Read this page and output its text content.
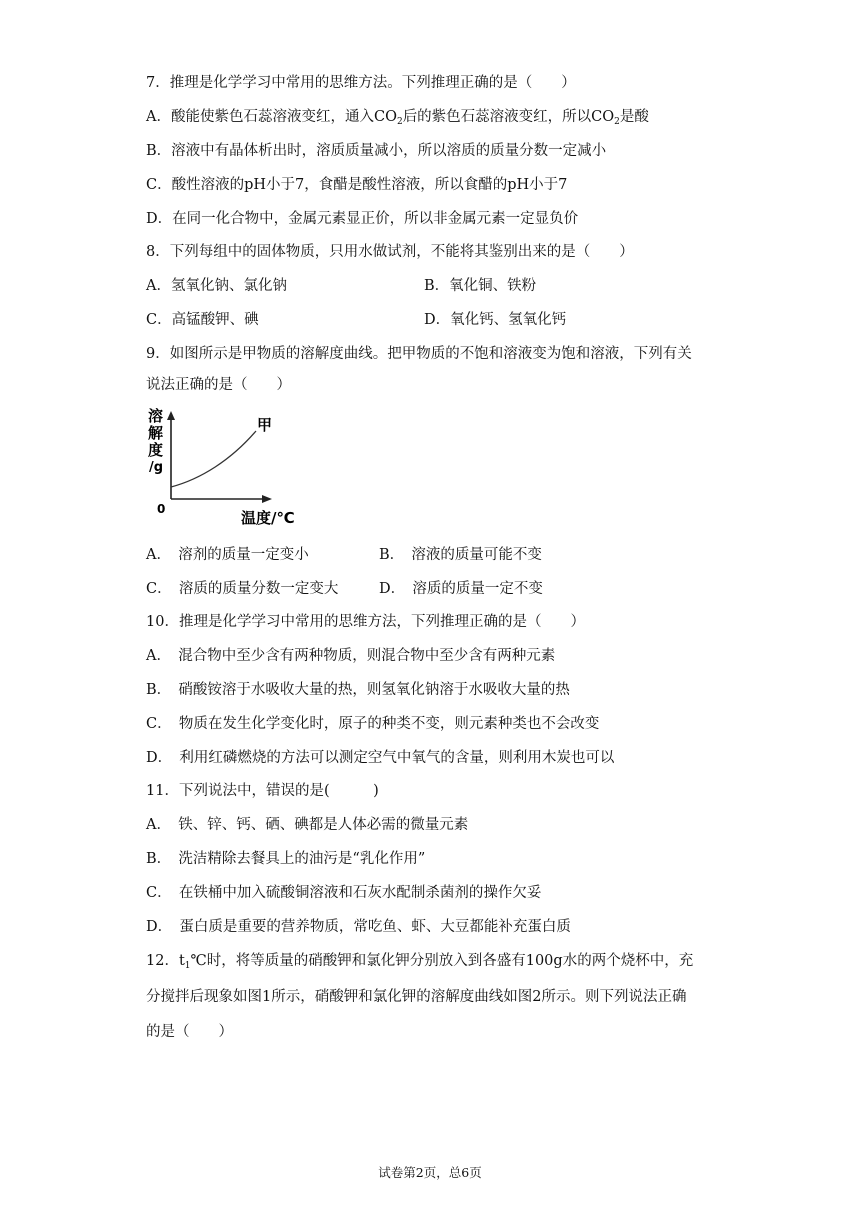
7．推理是化学学习中常用的思维方法。下列推理正确的是（　　）
A．酸能使紫色石蕊溶液变红，通入$CO_2$后的紫色石蕊溶液变红，所以$CO_2$是酸
B．溶液中有晶体析出时，溶质质量减小，所以溶质的质量分数一定减小
C．酸性溶液的pH小于7，食醋是酸性溶液，所以食醋的pH小于7
D．在同一化合物中，金属元素显正价，所以非金属元素一定显负价
8．下列每组中的固体物质，只用水做试剂，不能将其鉴别出来的是（　　）
A．氢氧化钠、氯化钠	B．氧化铜、铁粉
C．高锰酸钾、碘	D．氧化钙、氢氧化钙
9．如图所示是甲物质的溶解度曲线。把甲物质的不饱和溶液变为饱和溶液，下列有关
说法正确的是（　　）
溶
解
度
/g
0	温度/℃
甲
A．　溶剂的质量一定变小	B．　溶液的质量可能不变
C．　溶质的质量分数一定变大	D．　溶质的质量一定不变
10．推理是化学学习中常用的思维方法，下列推理正确的是（　　）
A．　混合物中至少含有两种物质，则混合物中至少含有两种元素
B．　硝酸铵溶于水吸收大量的热，则氢氧化钠溶于水吸收大量的热
C．　物质在发生化学变化时，原子的种类不变，则元素种类也不会改变
D．　利用红磷燃烧的方法可以测定空气中氧气的含量，则利用木炭也可以
11．下列说法中，错误的是(　　　)
A．　铁、锌、钙、硒、碘都是人体必需的微量元素
B．　洗洁精除去餐具上的油污是“乳化作用”
C．　在铁桶中加入硫酸铜溶液和石灰水配制杀菌剂的操作欠妥
D．　蛋白质是重要的营养物质，常吃鱼、虾、大豆都能补充蛋白质
12．$t_1℃$时，将等质量的硝酸钾和氯化钾分别放入到各盛有100g水的两个烧杯中，充
分搅拌后现象如图1所示，硝酸钾和氯化钾的溶解度曲线如图2所示。则下列说法正确
的是（　　）
试卷第2页，总6页
